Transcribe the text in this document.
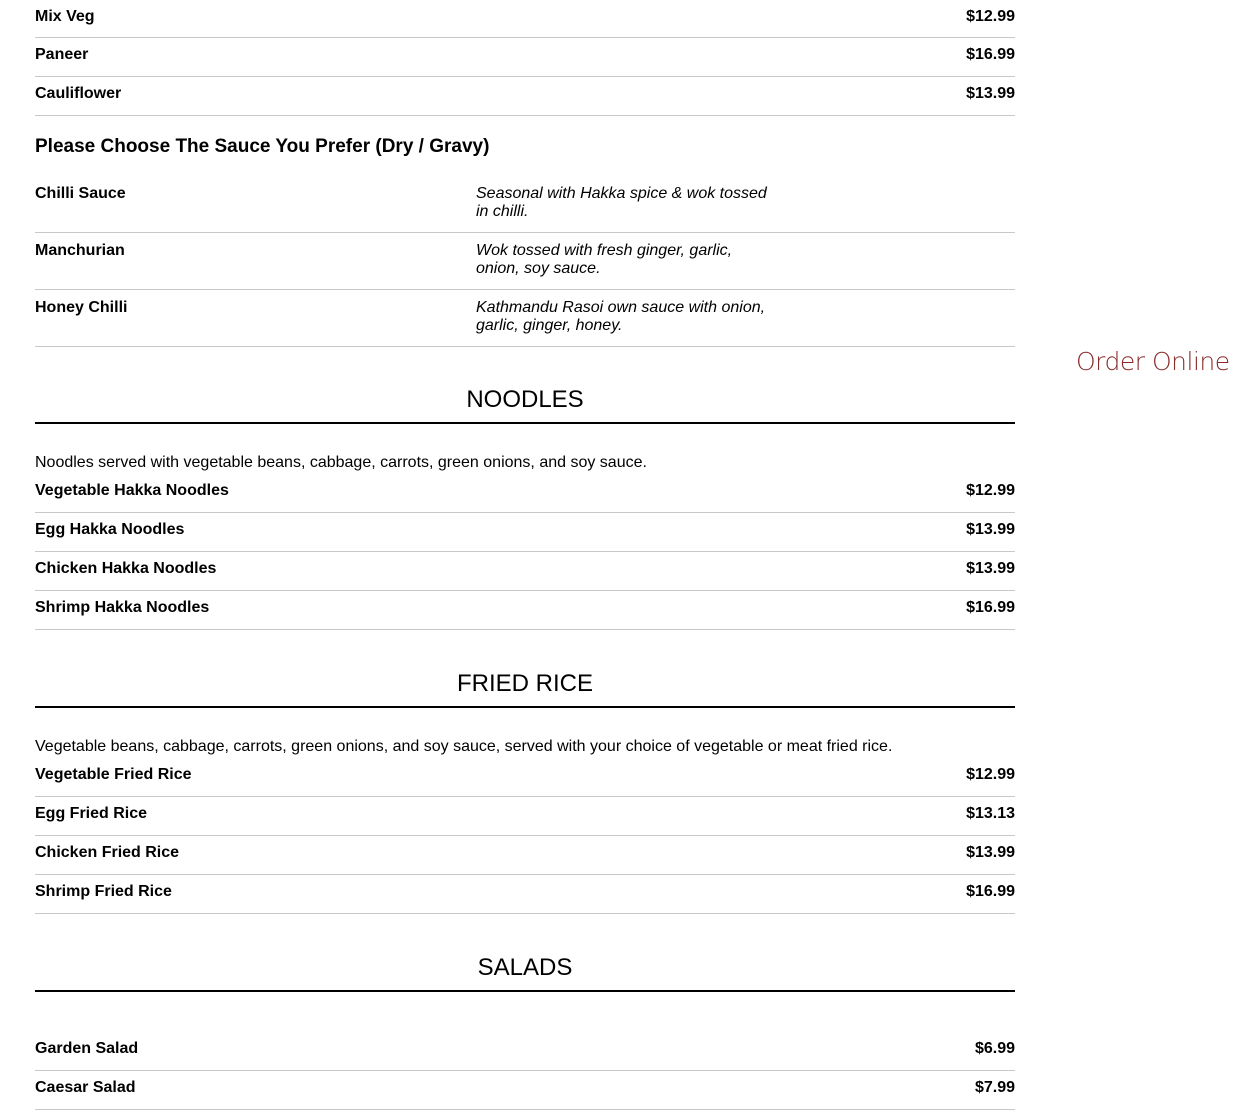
Mix Veg	$12.99
Paneer	$16.99
Cauliflower	$13.99
Please Choose The Sauce You Prefer (Dry / Gravy)
Chilli Sauce	Seasonal with Hakka spice & wok tossed
in chilli.
Manchurian	Wok tossed with fresh ginger, garlic,
onion, soy sauce.
Honey Chilli	Kathmandu Rasoi own sauce with onion,
garlic, ginger, honey.
NOODLES
Noodles served with vegetable beans, cabbage, carrots, green onions, and soy sauce.
Vegetable Hakka Noodles	$12.99
Egg Hakka Noodles	$13.99
Chicken Hakka Noodles	$13.99
Shrimp Hakka Noodles	$16.99
FRIED RICE
Vegetable beans, cabbage, carrots, green onions, and soy sauce, served with your choice of vegetable or meat fried rice.
Vegetable Fried Rice	$12.99
Egg Fried Rice	$13.13
Chicken Fried Rice	$13.99
Shrimp Fried Rice	$16.99
SALADS
Garden Salad	$6.99
Caesar Salad	$7.99
Order Online
